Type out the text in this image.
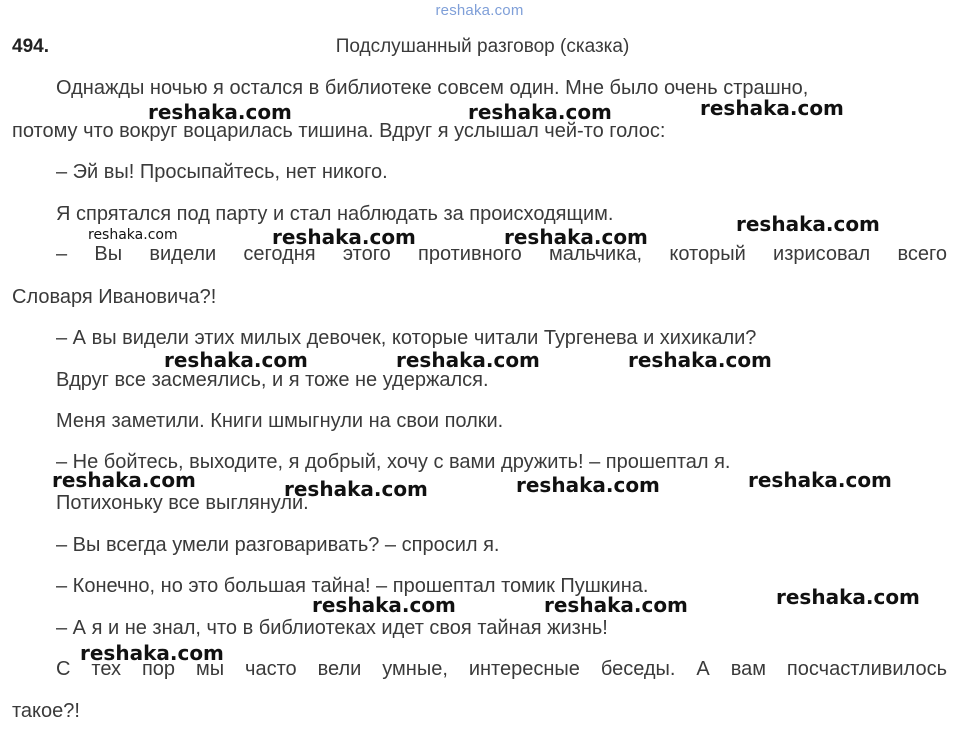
reshaka.com
494.	Подслушанный разговор (сказка)
Однажды ночью я остался в библиотеке совсем один. Мне было очень страшно,
потому что вокруг воцарилась тишина. Вдруг я услышал чей-то голос:
– Эй вы! Просыпайтесь, нет никого.
Я спрятался под парту и стал наблюдать за происходящим.
– Вы видели сегодня этого противного мальчика, который изрисовал всего
Словаря Ивановича?!
– А вы видели этих милых девочек, которые читали Тургенева и хихикали?
Вдруг все засмеялись, и я тоже не удержался.
Меня заметили. Книги шмыгнули на свои полки.
– Не бойтесь, выходите, я добрый, хочу с вами дружить! – прошептал я.
Потихоньку все выглянули.
– Вы всегда умели разговаривать? – спросил я.
– Конечно, но это большая тайна! – прошептал томик Пушкина.
– А я и не знал, что в библиотеках идет своя тайная жизнь!
С тех пор мы часто вели умные, интересные беседы. А вам посчастливилось
такое?!
reshaka.com	reshaka.com	reshaka.com
reshaka.com
reshaka.com	reshaka.com	reshaka.com
reshaka.com	reshaka.com	reshaka.com
reshaka.com	reshaka.com	reshaka.com	reshaka.com
reshaka.com
reshaka.com	reshaka.com
reshaka.com
